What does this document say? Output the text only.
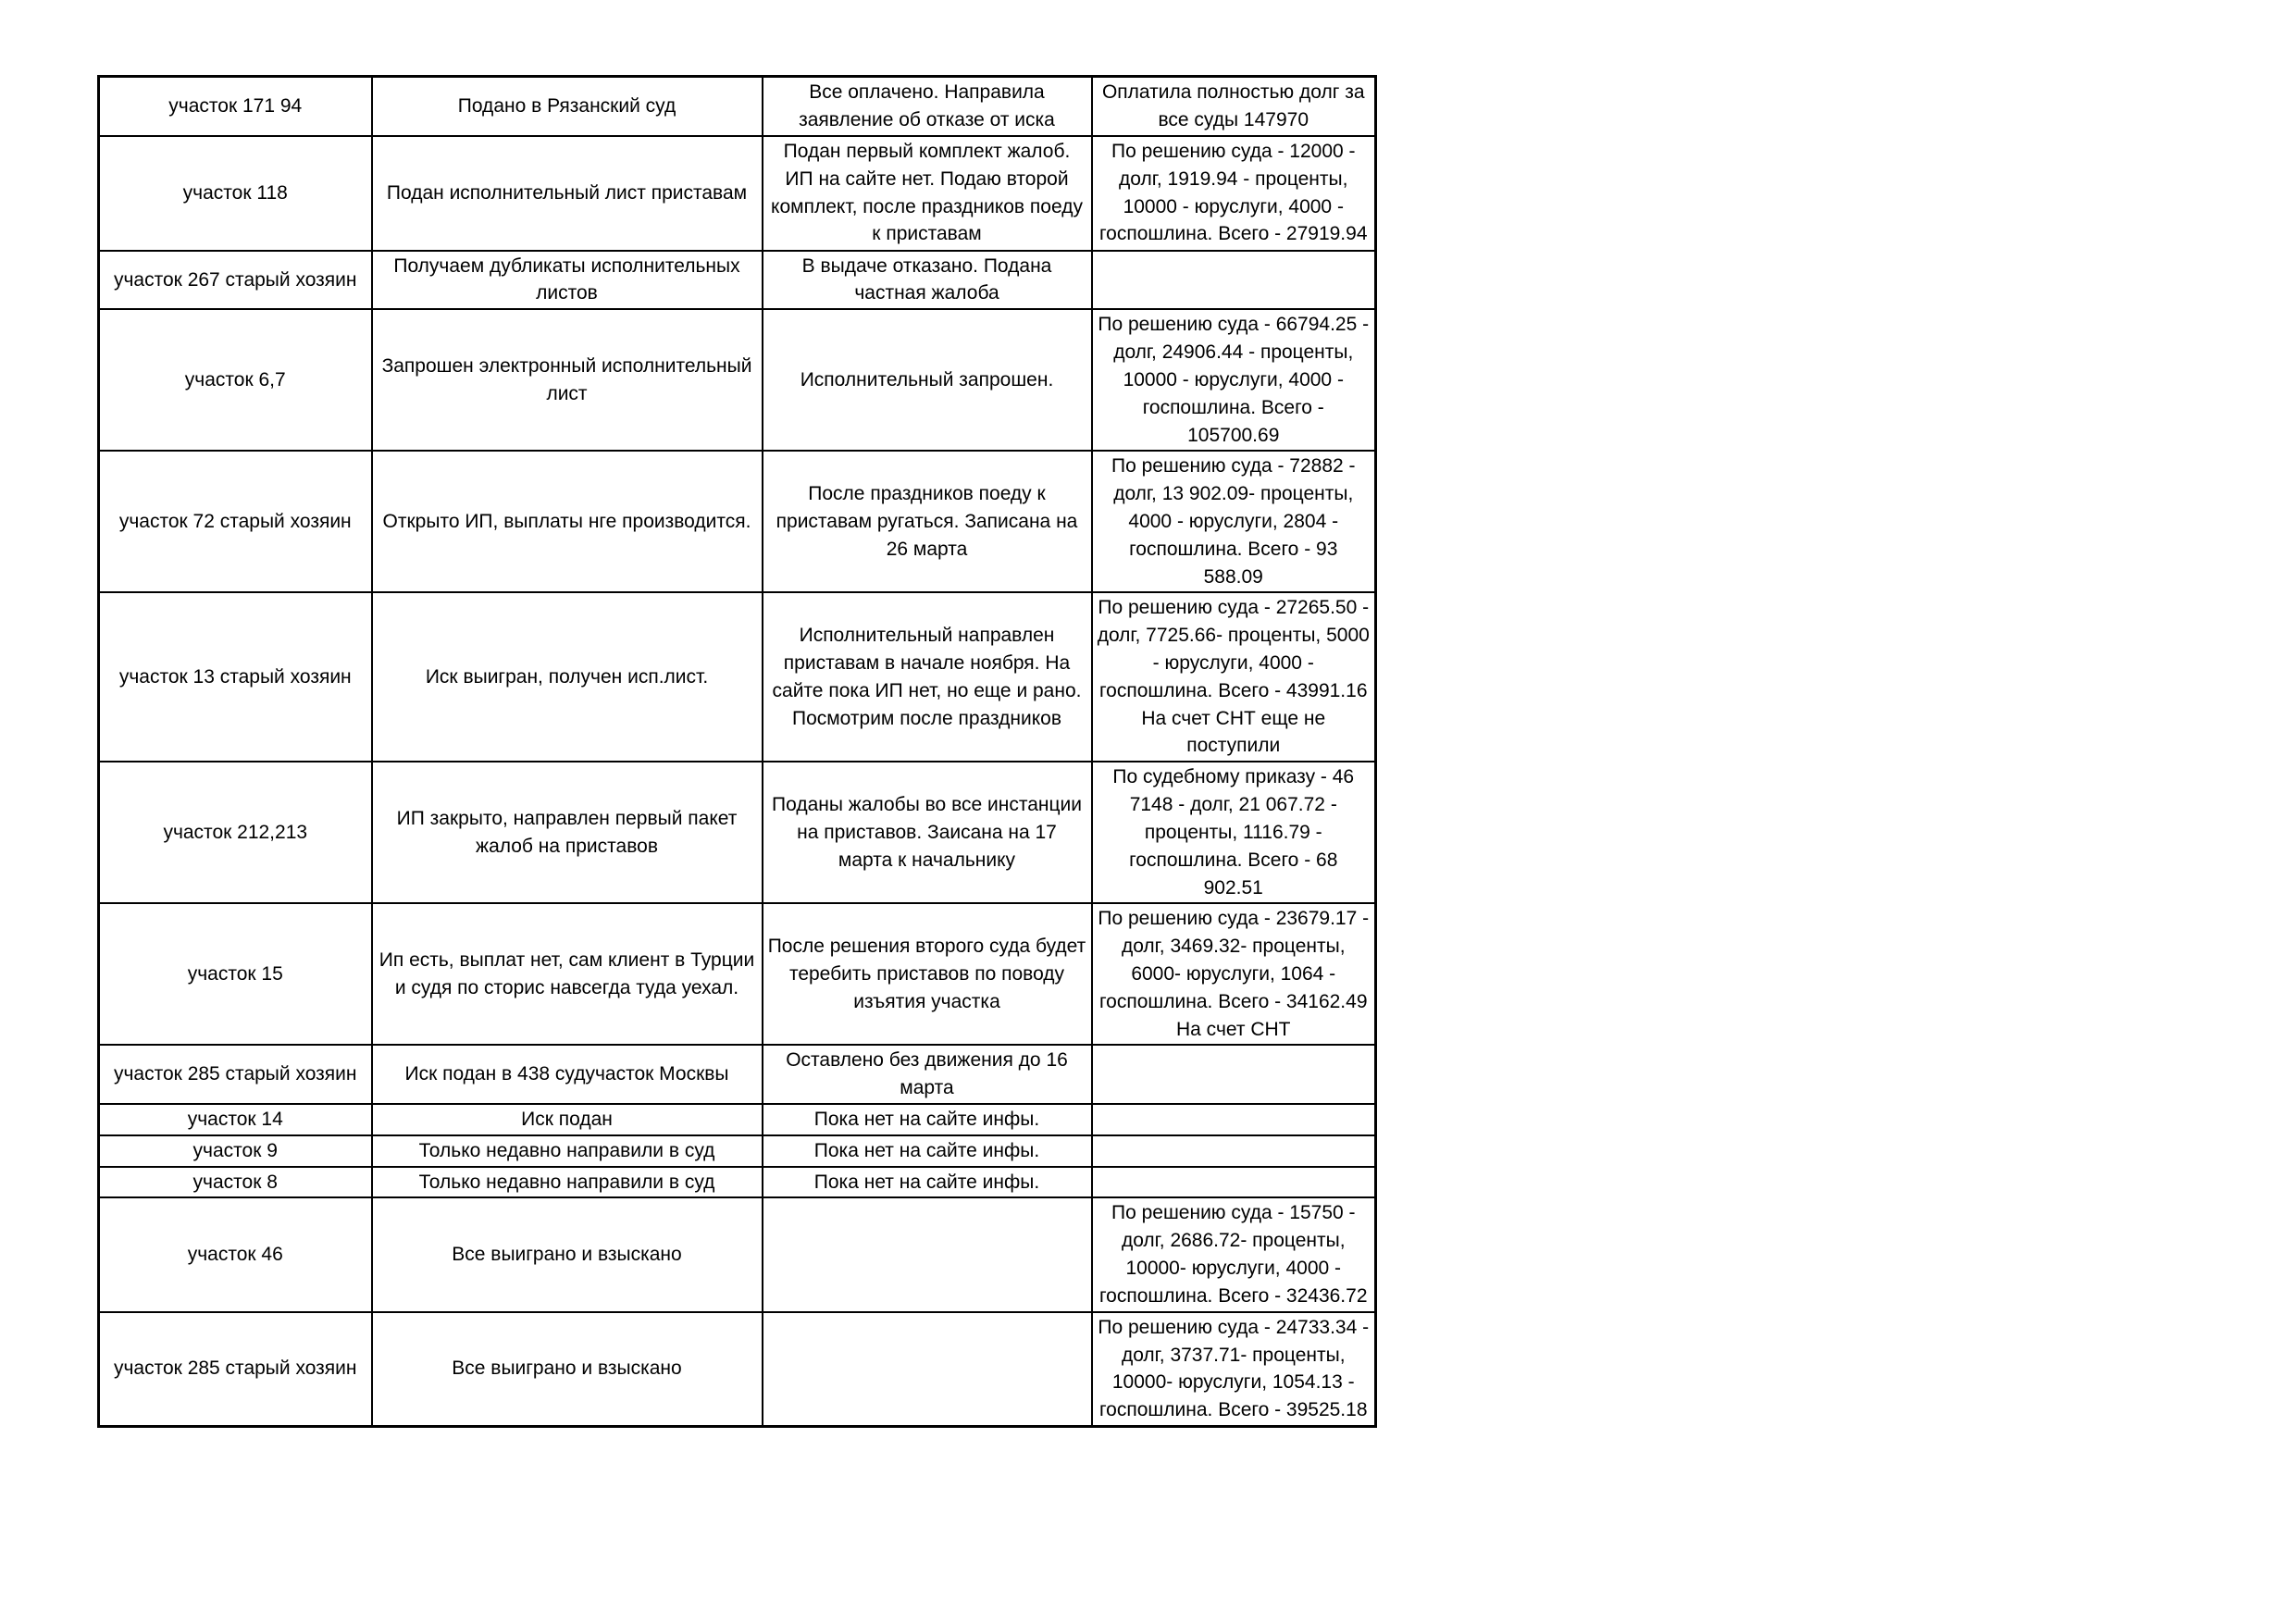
участок 171 94	Подано в Рязанский суд	Все оплачено. Направила заявление об отказе от иска	Оплатила полностью долг за все суды 147970
участок 118	Подан исполнительный лист приставам	Подан первый комплект жалоб. ИП на сайте нет. Подаю второй комплект, после праздников поеду к приставам	По решению суда - 12000 - долг, 1919.94 - проценты, 10000 - юруслуги, 4000 - госпошлина. Всего - 27919.94
участок 267 старый хозяин	Получаем дубликаты исполнительных листов	В выдаче отказано. Подана частная жалоба	
участок 6,7	Запрошен электронный исполнительный лист	Исполнительный запрошен.	По решению суда - 66794.25 - долг, 24906.44 - проценты, 10000 - юруслуги, 4000 - госпошлина. Всего - 105700.69
участок 72 старый хозяин	Открыто ИП, выплаты нге производится.	После праздников поеду к приставам ругаться. Записана на 26 марта	По решению суда - 72882 - долг, 13 902.09- проценты, 4000 - юруслуги, 2804 - госпошлина. Всего - 93 588.09
участок 13 старый хозяин	Иск выигран, получен исп.лист.	Исполнительный направлен приставам в начале ноября. На сайте пока ИП нет, но еще и рано. Посмотрим после праздников	По решению суда - 27265.50 - долг, 7725.66- проценты, 5000 - юруслуги, 4000 - госпошлина. Всего - 43991.16 На счет СНТ еще не поступили
участок 212,213	ИП закрыто, направлен первый пакет жалоб на приставов	Поданы жалобы во все инстанции на приставов. Заисана на 17 марта к начальнику	По судебному приказу - 46 7148 - долг, 21 067.72 - проценты, 1116.79 - госпошлина. Всего - 68 902.51
участок 15	Ип есть, выплат нет, сам клиент в Турции и судя по сторис навсегда туда уехал.	После решения второго суда будет теребить приставов по поводу изъятия участка	По решению суда - 23679.17 - долг, 3469.32- проценты, 6000- юруслуги, 1064 - госпошлина. Всего - 34162.49 На счет СНТ
участок 285 старый хозяин	Иск подан в 438 судучасток Москвы	Оставлено без движения до 16 марта	
участок 14	Иск подан	Пока нет на сайте инфы.	
участок 9	Только недавно направили в суд	Пока нет на сайте инфы.	
участок 8	Только недавно направили в суд	Пока нет на сайте инфы.	
участок 46	Все выиграно и взыскано		По решению суда - 15750 - долг, 2686.72- проценты, 10000- юруслуги, 4000 - госпошлина. Всего - 32436.72
участок 285 старый хозяин	Все выиграно и взыскано		По решению суда - 24733.34 - долг, 3737.71- проценты, 10000- юруслуги, 1054.13 - госпошлина. Всего - 39525.18
